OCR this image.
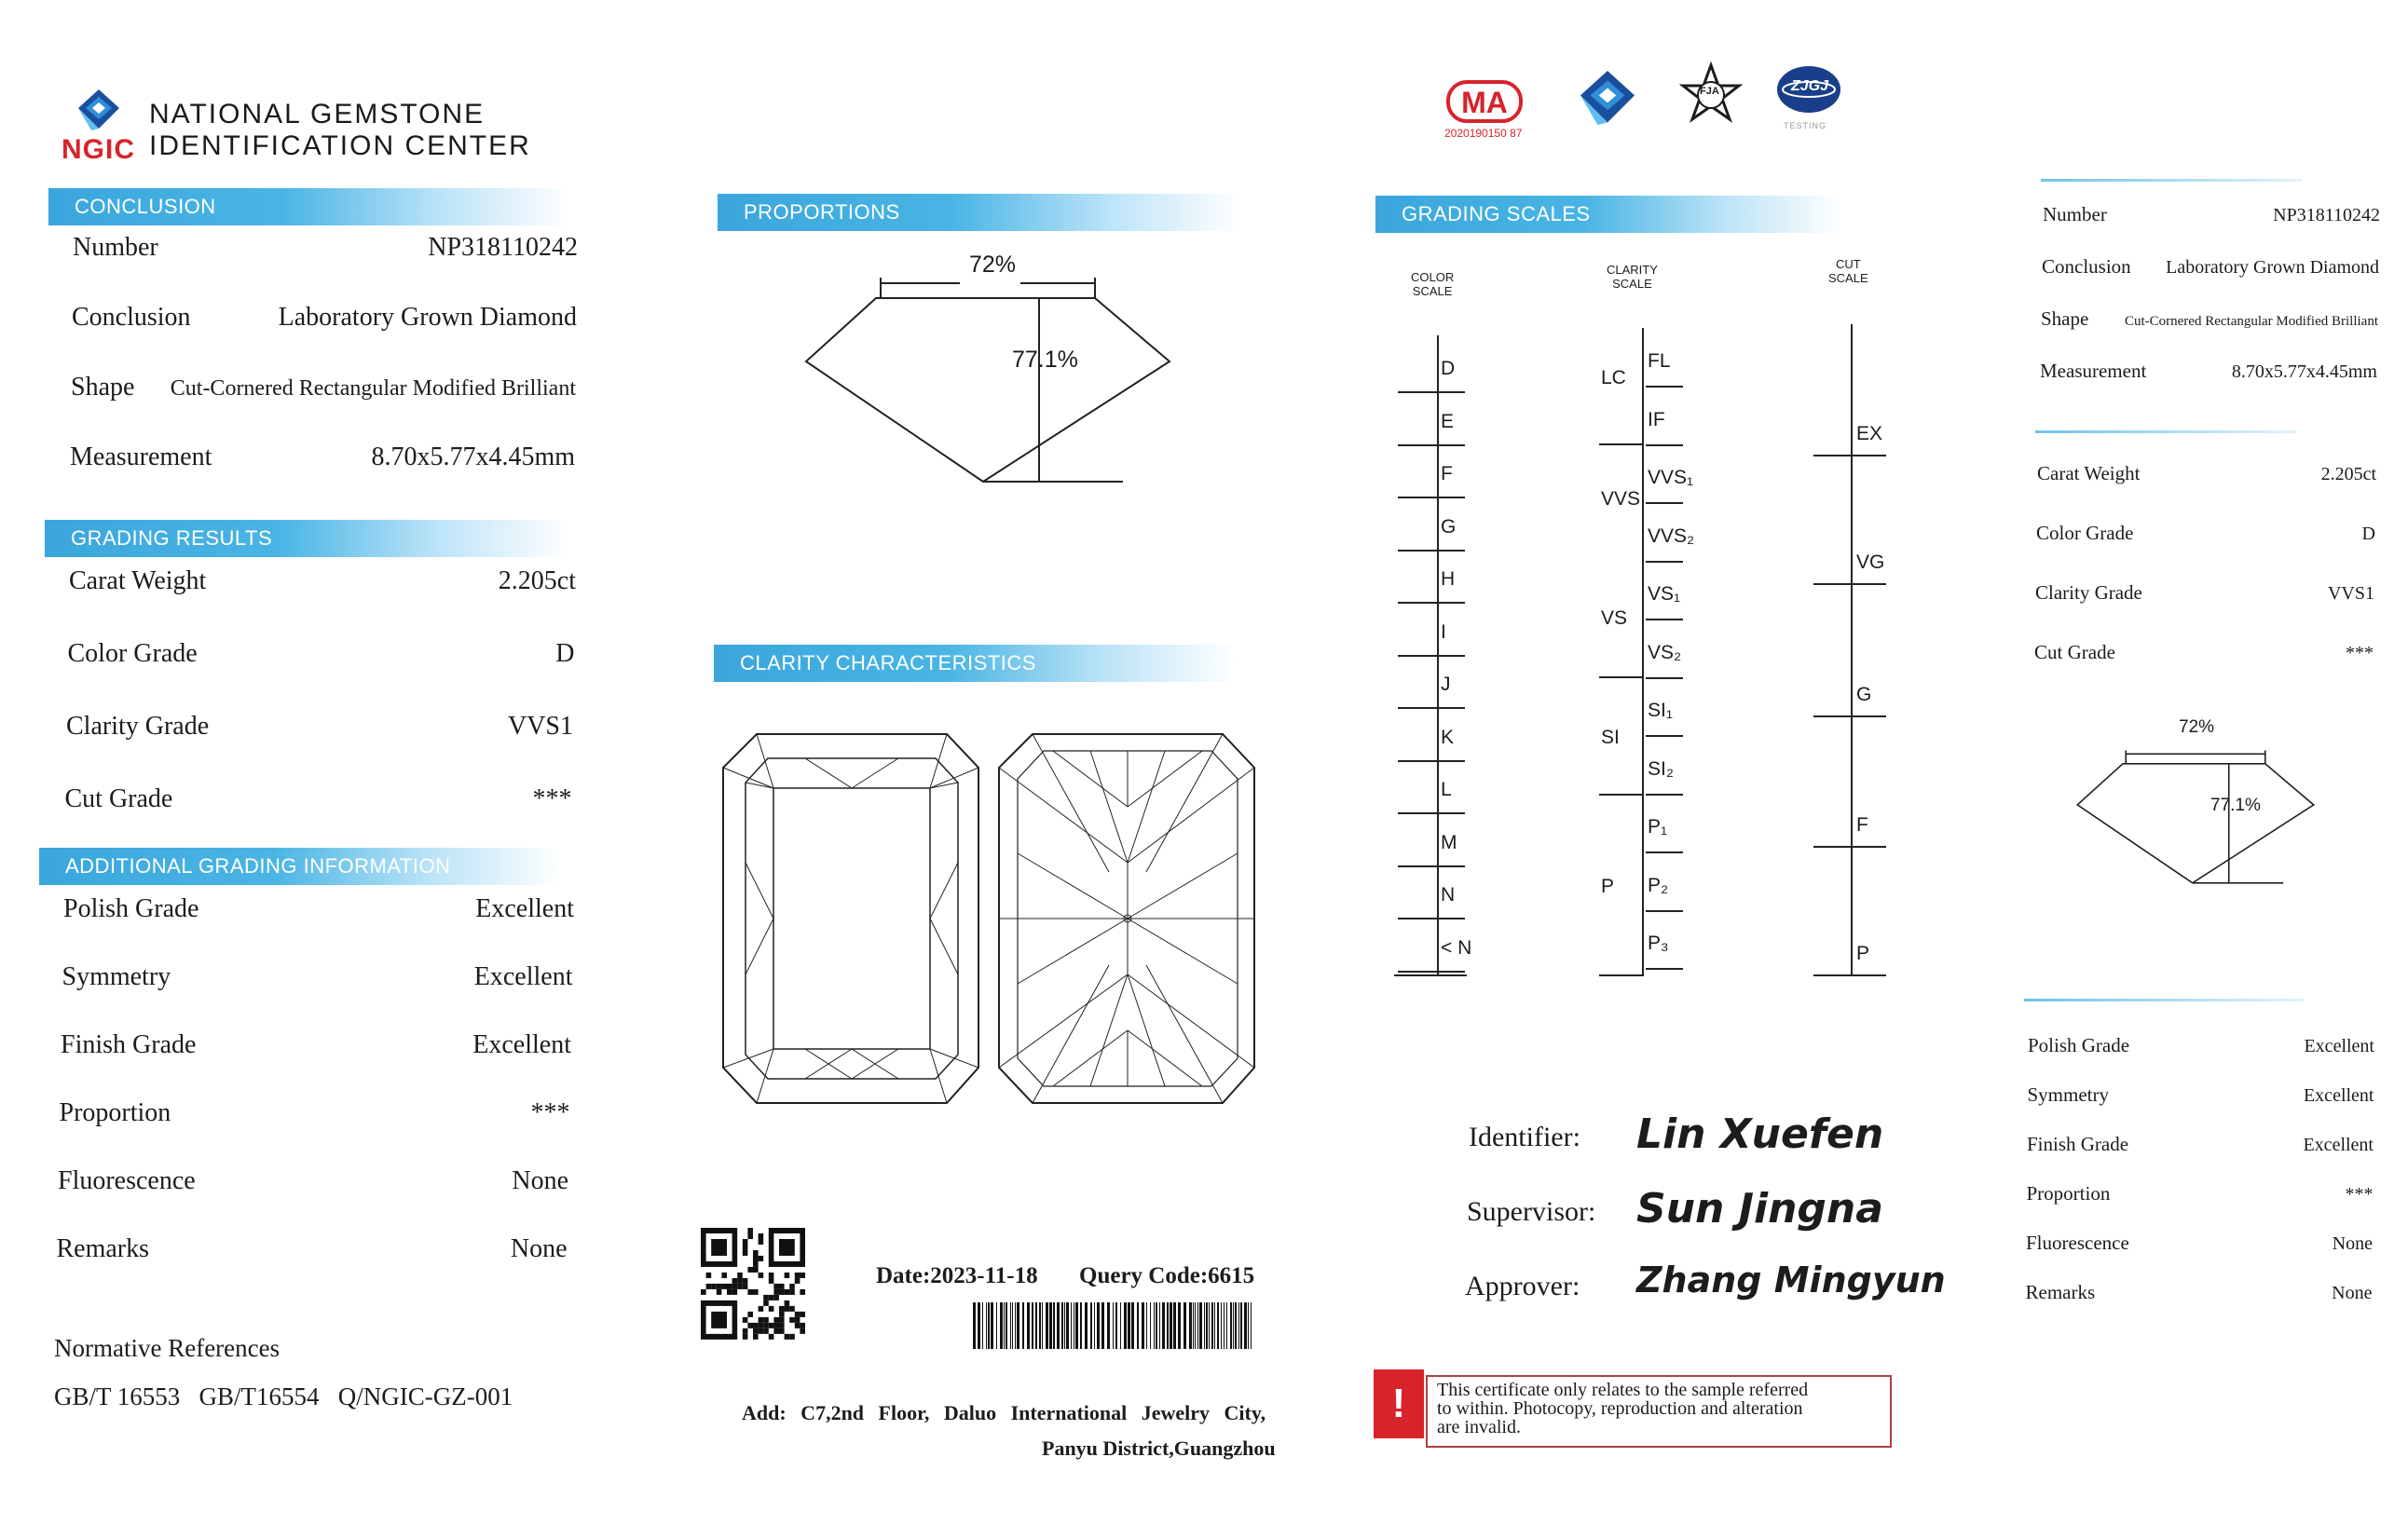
NGIC
NATIONAL GEMSTONE
IDENTIFICATION CENTER
CONCLUSION
Number	NP318110242
Conclusion	Laboratory Grown Diamond
Shape Cut-Cornered Rectangular Modified Brilliant
Measurement	8.70x5.77x4.45mm
GRADING RESULTS
Carat Weight	2.205ct
Color Grade	D
Clarity Grade	VVS1
Cut Grade	***
ADDITIONAL GRADING INFORMATION
Polish Grade	Excellent
Symmetry	Excellent
Finish Grade	Excellent
Proportion	***
Fluorescence	None
Remarks	None
Normative References
GB/T 16553   GB/T16554   Q/NGIC-GZ-001
PROPORTIONS
72%
77.1%
CLARITY CHARACTERISTICS
Date:2023-11-18 Query Code:6615
Add: C7,2nd Floor, Daluo International Jewelry City,
Panyu District,Guangzhou
MA
2020190150 87
FJA	ZJGJ
TESTING
GRADING SCALES
COLOR
SCALE
CLARITY
SCALE
CUT
SCALE
D
E
F
G
H
I
J
K
L
M
N
< N
FL
IF
VVS₁
VVS₂
VS₁
VS₂
SI₁
SI₂
P₁
P₂
P₃
LC
VVS
VS
SI
P
EX
VG
G
F
P
Identifier: Lin Xuefen
Supervisor: Sun Jingna
Approver: Zhang Mingyun
!	This certificate only relates to the sample referred
to within. Photocopy, reproduction and alteration
are invalid.
Number	NP318110242
Conclusion Laboratory Grown Diamond
Shape	Cut-Cornered Rectangular Modified Brilliant
Measurement	8.70x5.77x4.45mm
Carat Weight	2.205ct
Color Grade	D
Clarity Grade	VVS1
Cut Grade	***
72%
77.1%
Polish Grade	Excellent
Symmetry	Excellent
Finish Grade	Excellent
Proportion	***
Fluorescence	None
Remarks	None
